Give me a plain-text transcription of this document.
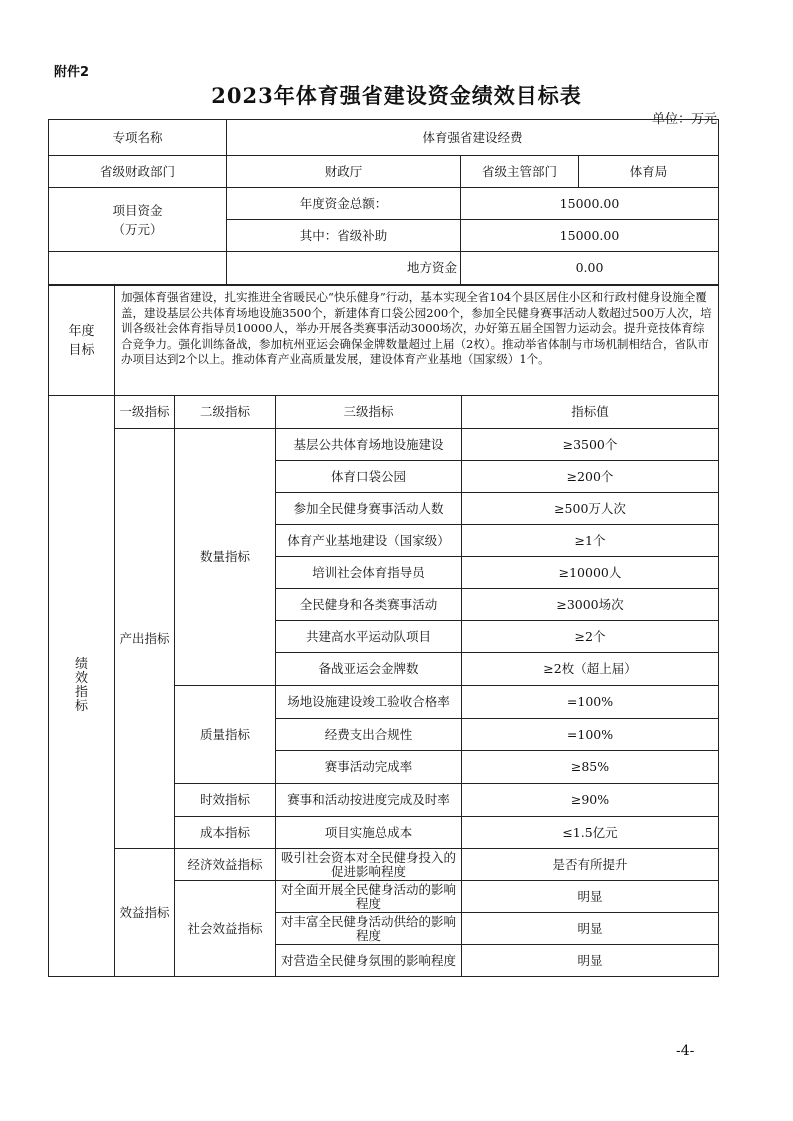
附件2
2023年体育强省建设资金绩效目标表
单位：万元
专项名称	体育强省建设经费		
省级财政部门	财政厅	省级主管部门	体育局

项目资金
（万元）	年度资金总额：	15000.00	
	其中：省级补助	15000.00	
	地方资金	0.00	
年度
目标
	加强体育强省建设，扎实推进全省暖民心“快乐健身”行动，基本实现全省104个县区居住小区和行政村健身设施全覆盖，建设基层公共体育场地设施3500个，新建体育口袋公园200个，参加全民健身赛事活动人数超过500万人次，培训各级社会体育指导员10000人，举办开展各类赛事活动3000场次，办好第五届全国智力运动会。提升竞技体育综合竞争力。强化训练备战，参加杭州亚运会确保金牌数量超过上届（2枚）。推动举省体制与市场机制相结合，省队市办项目达到2个以上。推动体育产业高质量发展，建设体育产业基地（国家级）1个。
绩效指标	一级指标	二级指标	三级指标	指标值
	产出指标	数量指标	基层公共体育场地设施建设	≥3500个
			体育口袋公园	≥200个
			参加全民健身赛事活动人数	≥500万人次
			体育产业基地建设（国家级）	≥1个
			培训社会体育指导员	≥10000人
			全民健身和各类赛事活动	≥3000场次
			共建高水平运动队项目	≥2个
			备战亚运会金牌数	≥2枚（超上届）
		质量指标	场地设施建设竣工验收合格率	=100%
			经费支出合规性	=100%
			赛事活动完成率	≥85%
		时效指标	赛事和活动按进度完成及时率	≥90%
		成本指标	项目实施总成本	≤1.5亿元
	效益指标	经济效益指标	吸引社会资本对全民健身投入的促进影响程度	是否有所提升
		社会效益指标	对全面开展全民健身活动的影响程度	明显
			对丰富全民健身活动供给的影响程度	明显
			对营造全民健身氛围的影响程度	明显
-4-
